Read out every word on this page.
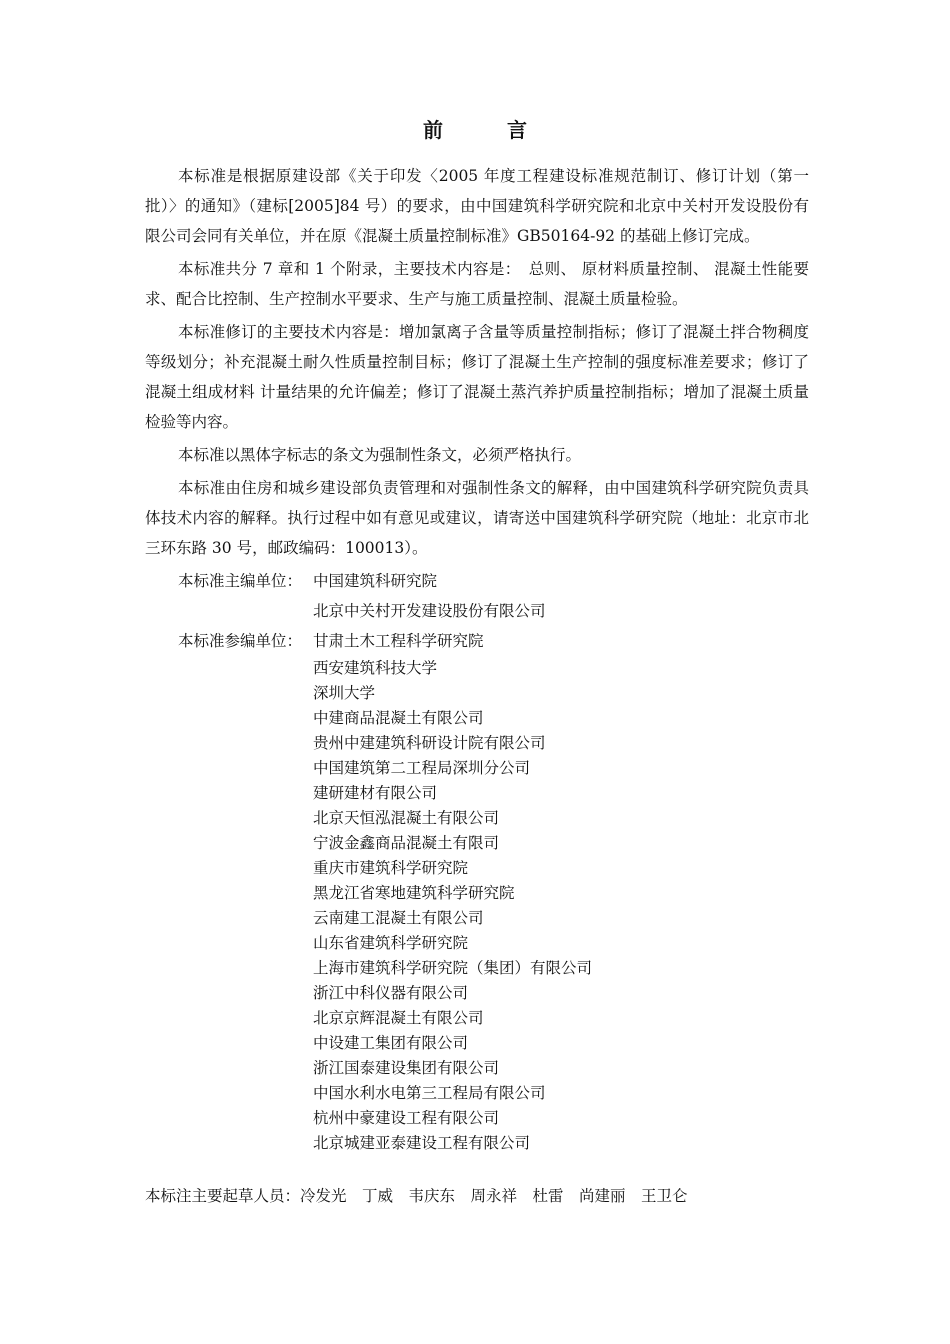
前　言

本标准是根据原建设部《关于印发〈2005 年度工程建设标准规范制订、修订计划（第一批）〉的通知》（建标[2005]84 号）的要求，由中国建筑科学研究院和北京中关村开发设股份有限公司会同有关单位，并在原《混凝土质量控制标准》GB50164-92 的基础上修订完成。

本标准共分 7 章和 1 个附录，主要技术内容是：　总则、 原材料质量控制、 混凝土性能要求、配合比控制、生产控制水平要求、生产与施工质量控制、混凝土质量检验。

本标准修订的主要技术内容是：增加氯离子含量等质量控制指标；修订了混凝土拌合物稠度等级划分；补充混凝土耐久性质量控制目标；修订了混凝土生产控制的强度标准差要求；修订了混凝土组成材料 计量结果的允许偏差；修订了混凝土蒸汽养护质量控制指标；增加了混凝土质量检验等内容。

本标准以黑体字标志的条文为强制性条文，必须严格执行。

本标准由住房和城乡建设部负责管理和对强制性条文的解释，由中国建筑科学研究院负责具体技术内容的解释。执行过程中如有意见或建议，请寄送中国建筑科学研究院（地址：北京市北三环东路 30 号，邮政编码：100013）。

本标准主编单位： 中国建筑科研究院
北京中关村开发建设股份有限公司
本标准参编单位： 甘肃土木工程科学研究院
西安建筑科技大学
深圳大学
中建商品混凝土有限公司
贵州中建建筑科研设计院有限公司
中国建筑第二工程局深圳分公司
建研建材有限公司
北京天恒泓混凝土有限公司
宁波金鑫商品混凝土有限司
重庆市建筑科学研究院
黑龙江省寒地建筑科学研究院
云南建工混凝土有限公司
山东省建筑科学研究院
上海市建筑科学研究院（集团）有限公司
浙江中科仪器有限公司
北京京辉混凝土有限公司
中设建工集团有限公司
浙江国泰建设集团有限公司
中国水利水电第三工程局有限公司
杭州中豪建设工程有限公司
北京城建亚泰建设工程有限公司
本标注主要起草人员：冷发光　丁威　韦庆东　周永祥　杜雷　尚建丽　王卫仑
